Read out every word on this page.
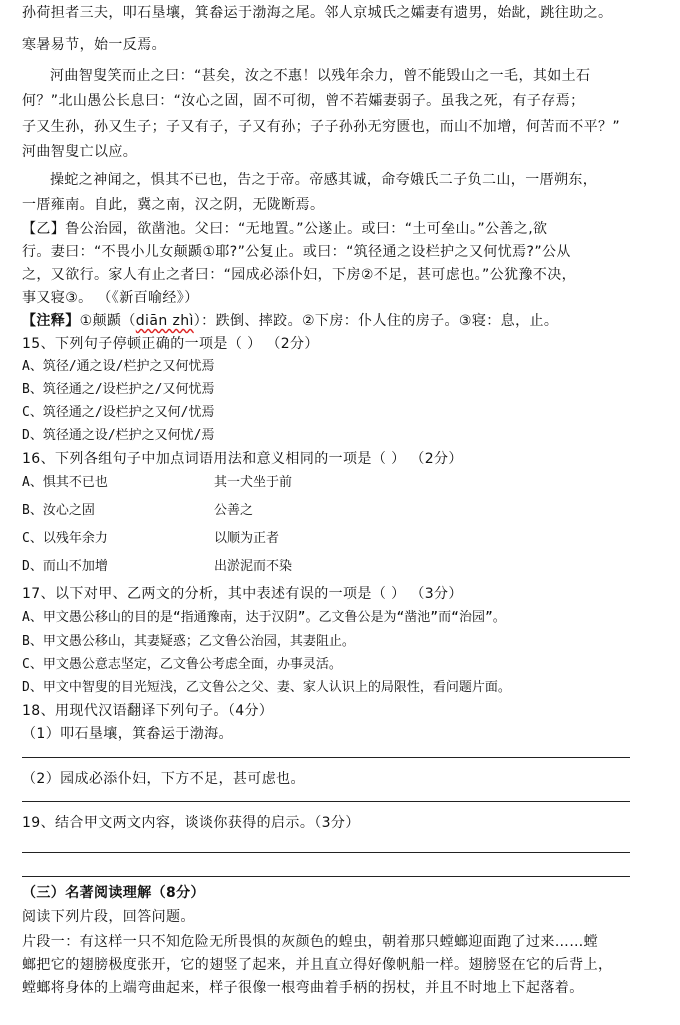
孙荷担者三夫，叩石垦壤，箕畚运于渤海之尾。邻人京城氏之孀妻有遗男，始龀，跳往助之。
寒暑易节，始一反焉。
河曲智叟笑而止之曰：“甚矣，汝之不惠！以残年余力，曾不能毁山之一毛，其如土石
何？”北山愚公长息曰：“汝心之固，固不可彻，曾不若孀妻弱子。虽我之死，有子存焉；
子又生孙，孙又生子；子又有子，子又有孙；子子孙孙无穷匮也，而山不加增，何苦而不平？”
河曲智叟亡以应。
操蛇之神闻之，惧其不已也，告之于帝。帝感其诚，命夸娥氏二子负二山，一厝朔东，
一厝雍南。自此，冀之南，汉之阴，无陇断焉。
【乙】鲁公治园，欲凿池。父曰：“无地置。”公遂止。或曰：“土可垒山。”公善之,欲
行。妻曰：“不畏小儿女颠踬①耶?”公复止。或曰：“筑径通之设栏护之又何忧焉?”公从
之，又欲行。家人有止之者曰：“园成必添仆妇，下房②不足，甚可虑也。”公犹豫不决，
事又寝③。 （《新百喻经》）
【注释】①颠踬（diān zhì）：跌倒、摔跤。②下房：仆人住的房子。③寝：息，止。
15、下列句子停顿正确的一项是（ ） （2分）
A、筑径/通之设/栏护之又何忧焉
B、筑径通之/设栏护之/又何忧焉
C、筑径通之/设栏护之又何/忧焉
D、筑径通之设/栏护之又何忧/焉
16、下列各组句子中加点词语用法和意义相同的一项是（ ） （2分）
A、惧其不已也	其一犬坐于前
B、汝心之固	公善之
C、以残年余力	以顺为正者
D、而山不加增	出淤泥而不染
17、以下对甲、乙两文的分析，其中表述有误的一项是（ ） （3分）
A、甲文愚公移山的目的是“指通豫南，达于汉阴”。乙文鲁公是为“凿池”而“治园”。
B、甲文愚公移山，其妻疑惑；乙文鲁公治园，其妻阻止。
C、甲文愚公意志坚定，乙文鲁公考虑全面，办事灵活。
D、甲文中智叟的目光短浅，乙文鲁公之父、妻、家人认识上的局限性，看问题片面。
18、用现代汉语翻译下列句子。（4分）
（1）叩石垦壤，箕畚运于渤海。
（2）园成必添仆妇，下方不足，甚可虑也。
19、结合甲文两文内容，谈谈你获得的启示。（3分）
（三）名著阅读理解（8分）
阅读下列片段，回答问题。
片段一：有这样一只不知危险无所畏惧的灰颜色的蝗虫，朝着那只螳螂迎面跑了过来……螳
螂把它的翅膀极度张开，它的翅竖了起来，并且直立得好像帆船一样。翅膀竖在它的后背上，
螳螂将身体的上端弯曲起来，样子很像一根弯曲着手柄的拐杖，并且不时地上下起落着。
